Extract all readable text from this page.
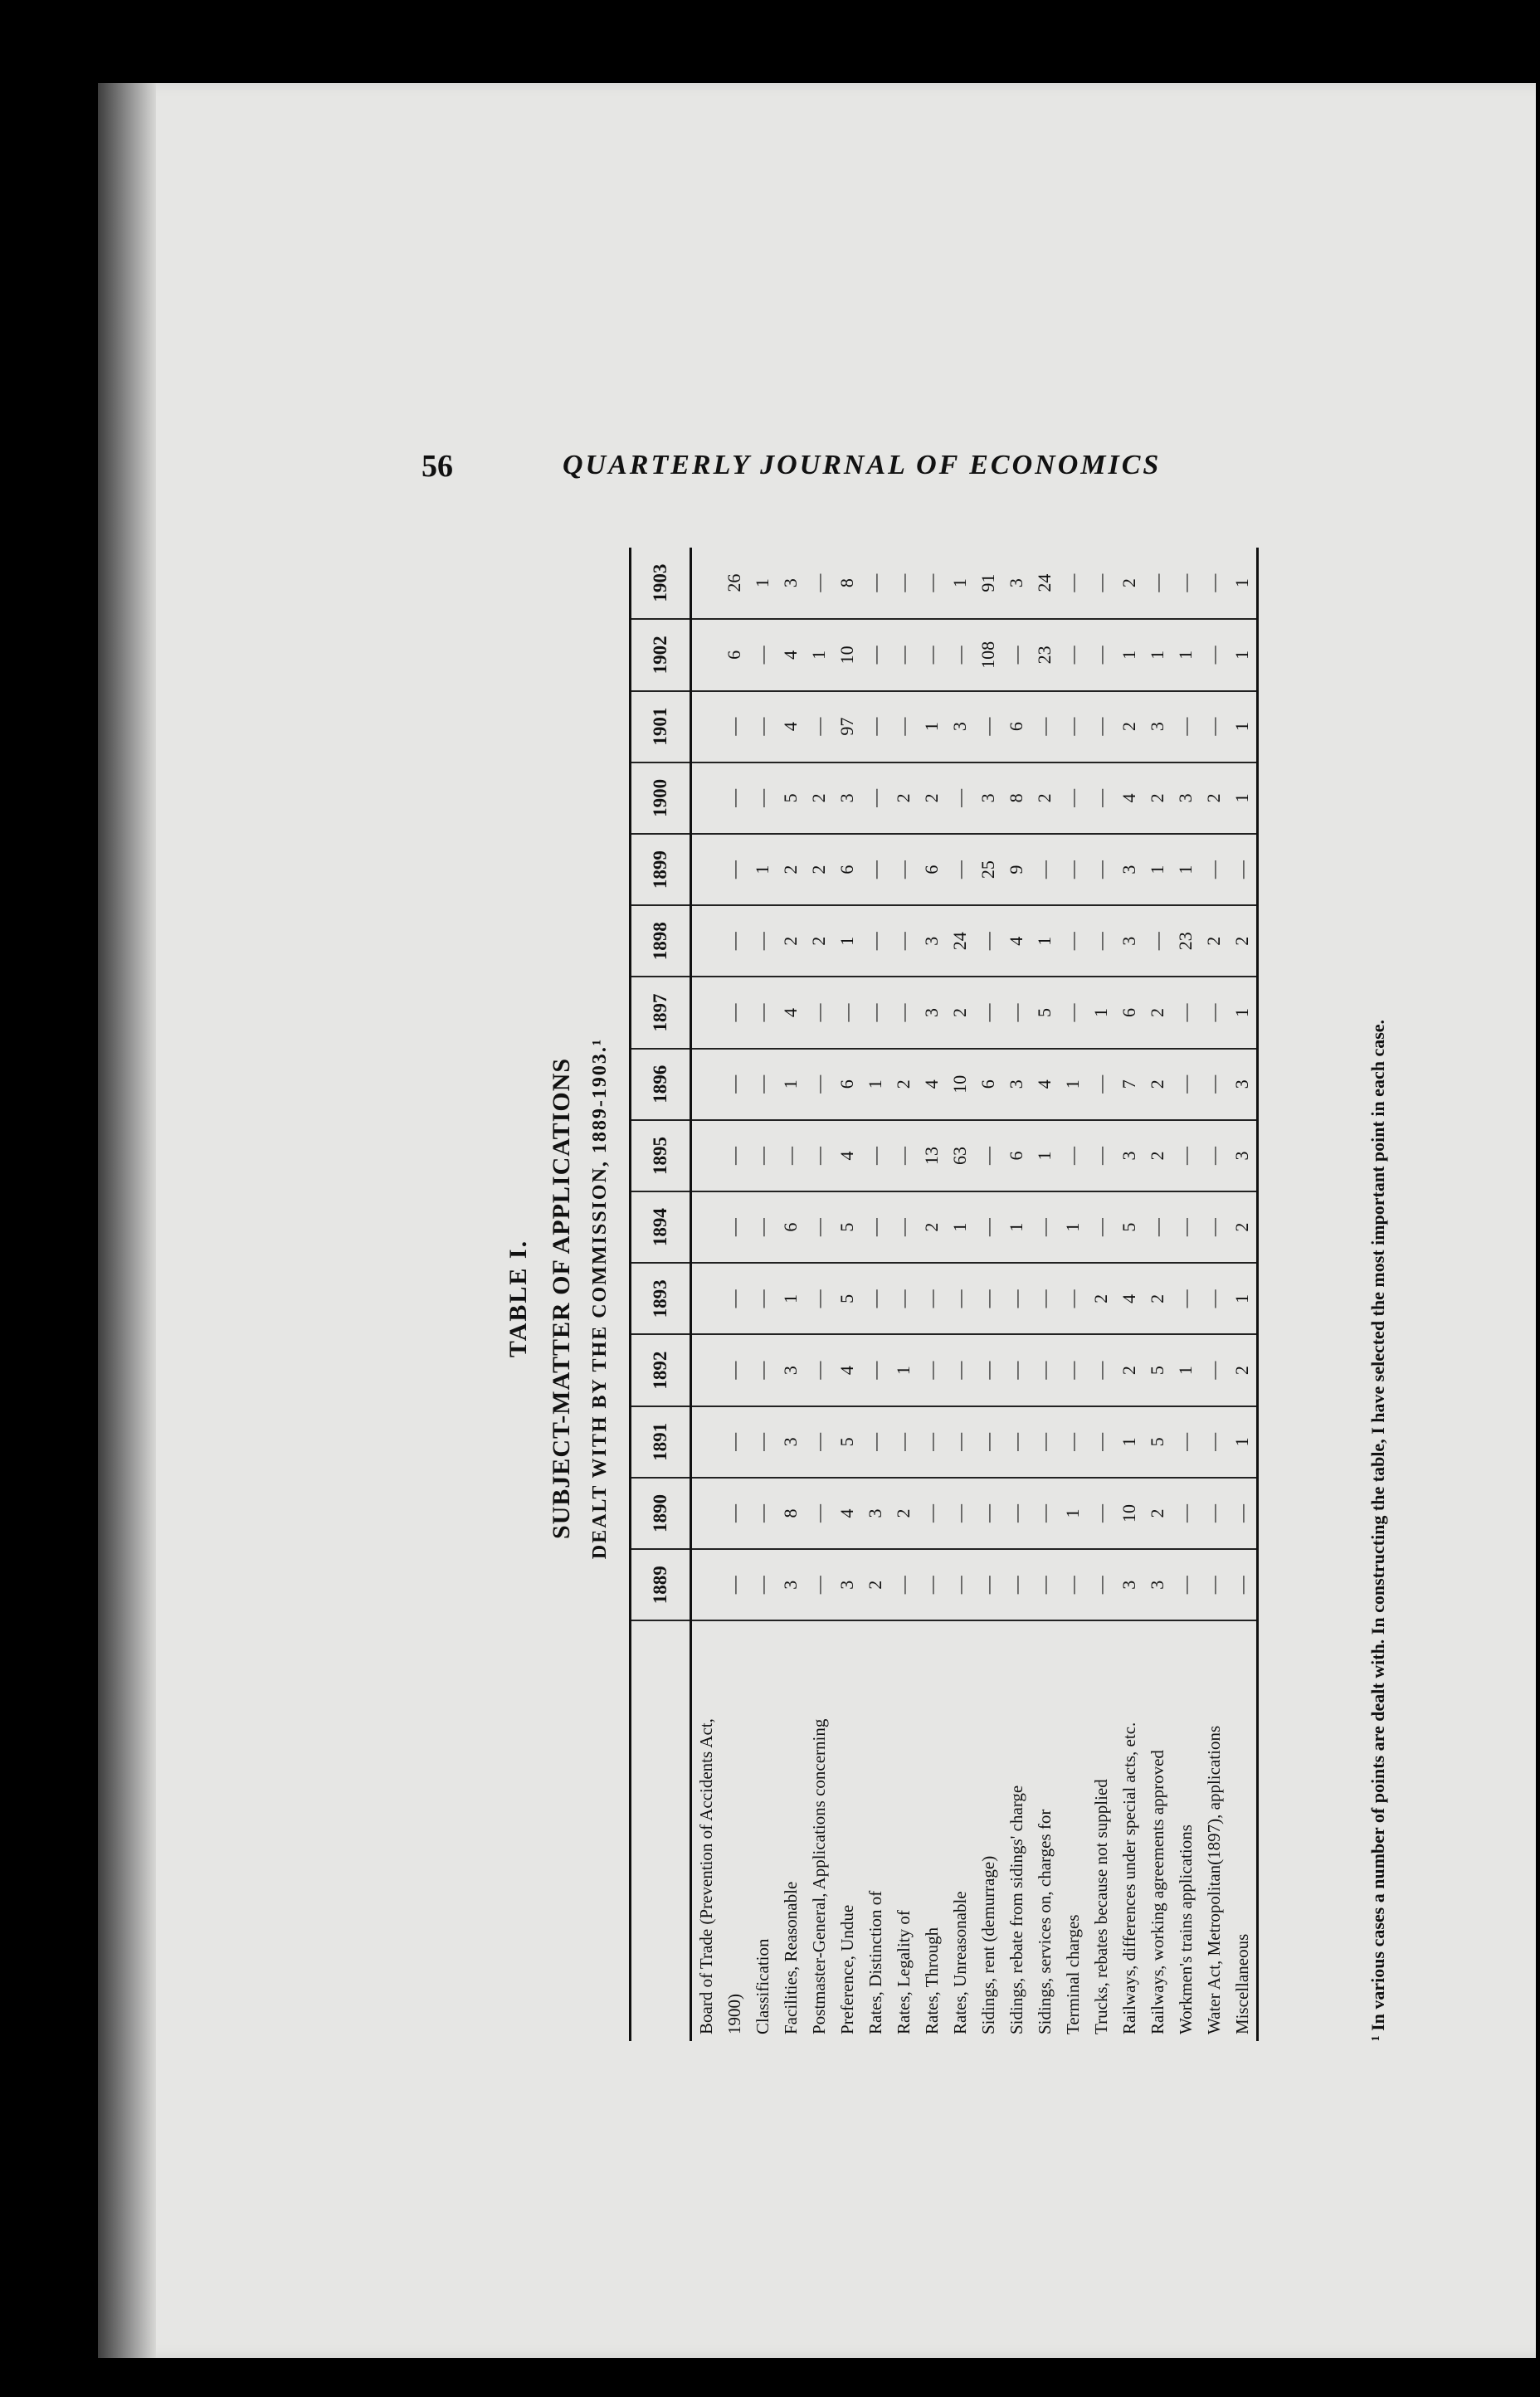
56	QUARTERLY JOURNAL OF ECONOMICS
TABLE I. SUBJECT-MATTER OF APPLICATIONS DEALT WITH BY THE COMMISSION, 1889-1903.¹
	1889	1890	1891	1892	1893	1894	1895	1896	1897	1898	1899	1900	1901	1902	1903
Board of Trade (Prevention of Accidents Act,															
1900)	—	—	—	—	—	—	—	—	—	—	—	—	—	6	26
Classification	—	—	—	—	—	—	—	—	—	—	1	—	—	—	1
Facilities, Reasonable	3	8	3	3	1	6	—	1	4	2	2	5	4	4	3
Postmaster-General, Applications concerning	—	—	—	—	—	—	—	—	—	2	2	2	—	1	—
Preference, Undue	3	4	5	4	5	5	4	6	—	1	6	3	97	10	8
Rates, Distinction of	2	3	—	—	—	—	—	1	—	—	—	—	—	—	—
Rates, Legality of	—	2	—	1	—	—	—	2	—	—	—	2	—	—	—
Rates, Through	—	—	—	—	—	2	13	4	3	3	6	2	1	—	—
Rates, Unreasonable	—	—	—	—	—	1	63	10	2	24	—	—	3	—	1
Sidings, rent (demurrage)	—	—	—	—	—	—	—	6	—	—	25	3	—	108	91
Sidings, rebate from sidings' charge	—	—	—	—	—	1	6	3	—	4	9	8	6	—	3
Sidings, services on, charges for	—	—	—	—	—	—	1	4	5	1	—	2	—	23	24
Terminal charges	—	1	—	—	—	1	—	1	—	—	—	—	—	—	—
Trucks, rebates because not supplied	—	—	—	—	2	—	—	—	1	—	—	—	—	—	—
Railways, differences under special acts, etc.	3	10	1	2	4	5	3	7	6	3	3	4	2	1	2
Railways, working agreements approved	3	2	5	5	2	—	2	2	2	—	1	2	3	1	—
Workmen's trains applications	—	—	—	1	—	—	—	—	—	23	1	3	—	1	—
Water Act, Metropolitan(1897), applications	—	—	—	—	—	—	—	—	—	2	—	2	—	—	—
Miscellaneous	—	—	1	2	1	2	3	3	1	2	—	1	1	1	1
¹ In various cases a number of points are dealt with. In constructing the table, I have selected the most important point in each case.
